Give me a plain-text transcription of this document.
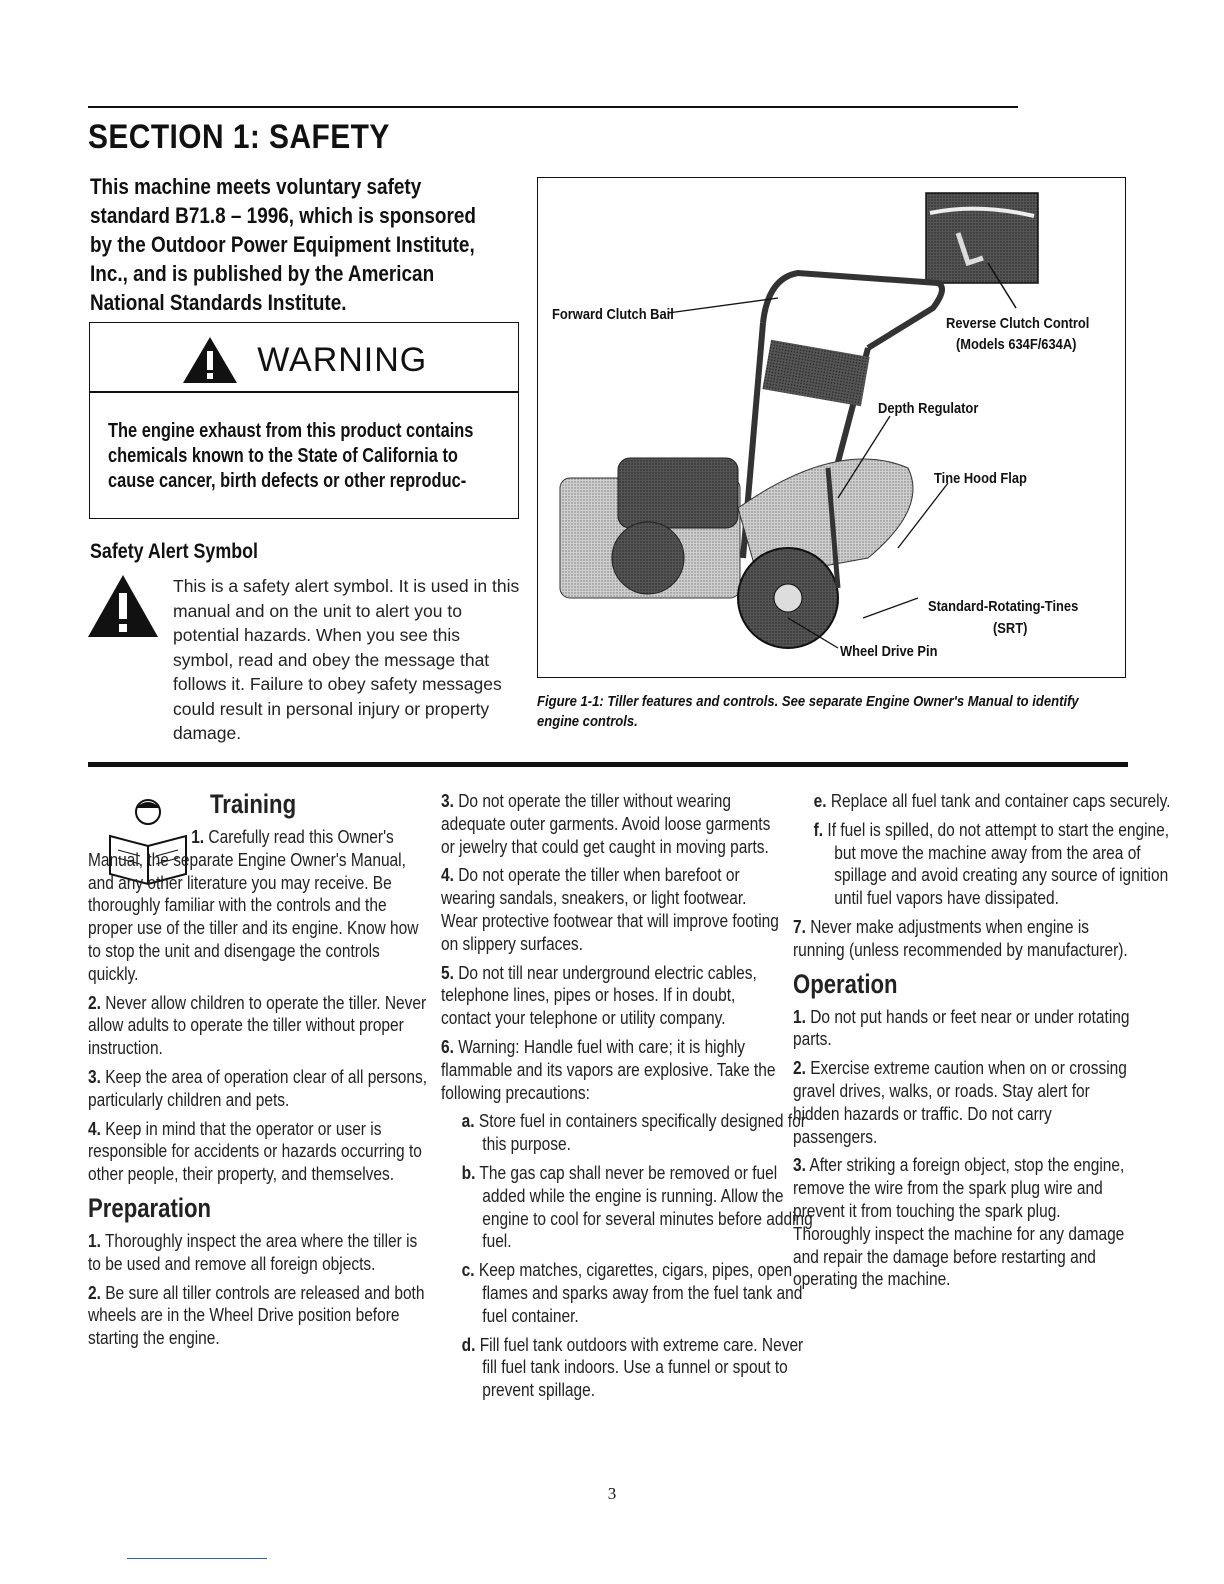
SECTION 1: SAFETY
This machine meets voluntary safety standard B71.8 – 1996, which is sponsored by the Outdoor Power Equipment Institute, Inc., and is published by the American National Standards Institute.
WARNING
The engine exhaust from this product contains chemicals known to the State of California to cause cancer, birth defects or other reproduc-
Safety Alert Symbol
This is a safety alert symbol. It is used in this manual and on the unit to alert you to potential hazards. When you see this symbol, read and obey the message that follows it. Failure to obey safety messages could result in personal injury or property damage.
Forward Clutch Bail
Reverse Clutch Control
(Models 634F/634A)
Depth Regulator
Tine Hood Flap
Standard-Rotating-Tines
(SRT)
Wheel Drive Pin
Figure 1-1: Tiller features and controls. See separate Engine Owner's Manual to identify engine controls.
Training

1. Carefully read this Owner's Manual, the separate Engine Owner's Manual, and any other literature you may receive. Be thoroughly familiar with the controls and the proper use of the tiller and its engine. Know how to stop the unit and disengage the controls quickly.

2. Never allow children to operate the tiller. Never allow adults to operate the tiller without proper instruction.

3. Keep the area of operation clear of all persons, particularly children and pets.

4. Keep in mind that the operator or user is responsible for accidents or hazards occurring to other people, their property, and themselves.

Preparation

1. Thoroughly inspect the area where the tiller is to be used and remove all foreign objects.

2. Be sure all tiller controls are released and both wheels are in the Wheel Drive position before starting the engine.

3. Do not operate the tiller without wearing adequate outer garments. Avoid loose garments or jewelry that could get caught in moving parts.

4. Do not operate the tiller when barefoot or wearing sandals, sneakers, or light footwear. Wear protective footwear that will improve footing on slippery surfaces.

5. Do not till near underground electric cables, telephone lines, pipes or hoses. If in doubt, contact your telephone or utility company.

6. Warning: Handle fuel with care; it is highly flammable and its vapors are explosive. Take the following precautions:

a. Store fuel in containers specifically designed for this purpose.

b. The gas cap shall never be removed or fuel added while the engine is running. Allow the engine to cool for several minutes before adding fuel.

c. Keep matches, cigarettes, cigars, pipes, open flames and sparks away from the fuel tank and fuel container.

d. Fill fuel tank outdoors with extreme care. Never fill fuel tank indoors. Use a funnel or spout to prevent spillage.

e. Replace all fuel tank and container caps securely.

f. If fuel is spilled, do not attempt to start the engine, but move the machine away from the area of spillage and avoid creating any source of ignition until fuel vapors have dissipated.

7. Never make adjustments when engine is running (unless recommended by manufacturer).

Operation

1. Do not put hands or feet near or under rotating parts.

2. Exercise extreme caution when on or crossing gravel drives, walks, or roads. Stay alert for hidden hazards or traffic. Do not carry passengers.

3. After striking a foreign object, stop the engine, remove the wire from the spark plug wire and prevent it from touching the spark plug. Thoroughly inspect the machine for any damage and repair the damage before restarting and operating the machine.

3
